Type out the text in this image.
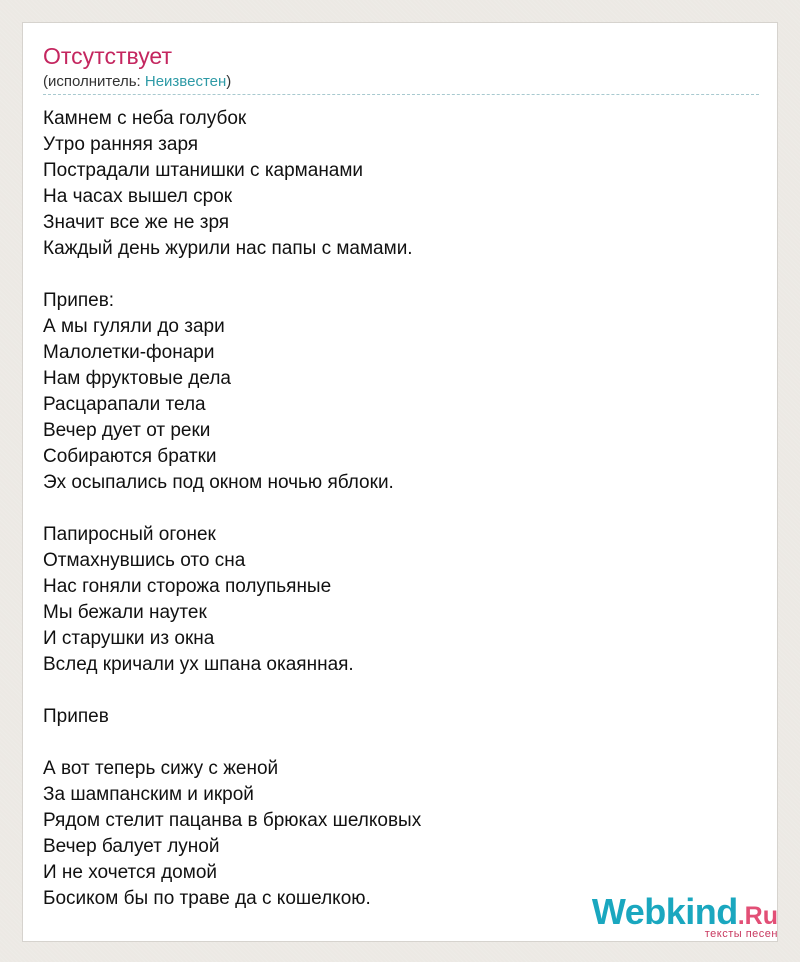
Отсутствует
(исполнитель: Неизвестен)
Камнем с неба голубок
Утро ранняя заря
Пострадали штанишки с карманами
На часах вышел срок
Значит все же не зря
Каждый день журили нас папы с мамами.
Припев:
А мы гуляли до зари
Малолетки-фонари
Нам фруктовые дела
Расцарапали тела
Вечер дует от реки
Собираются братки
Эх осыпались под окном ночью яблоки.
Папиросный огонек
Отмахнувшись ото сна
Нас гоняли сторожа полупьяные
Мы бежали наутек
И старушки из окна
Вслед кричали ух шпана окаянная.
Припев
А вот теперь сижу с женой
За шампанским и икрой
Рядом стелит пацанва в брюках шелковых
Вечер балует луной
И не хочется домой
Босиком бы по траве да с кошелкою.	Webkind.Ru
тексты песен
